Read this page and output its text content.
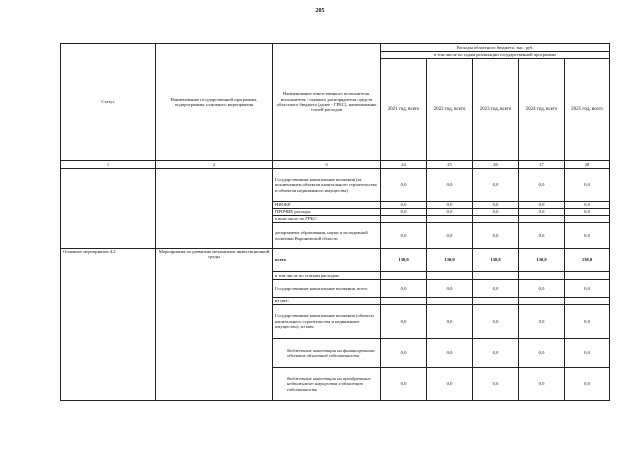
205
Статус	Наименование государственной программы, подпрограммы, основного мероприятия	Наименование ответственного исполнителя, исполнителя - главного распорядителя средств областного бюджета (далее - ГРБС), наименование статей расходов	Расходы областного бюджета, тыс. руб.				
			в том числе по годам реализации государственной программы				
			2021 год, всего	2022 год, всего	2023 год, всего	2024 год, всего	2025 год, всего
1	2	3	24	25	26	27	28
		Государственные капитальные вложения (за исключением объектов капитального строительства и объектов недвижимого имущества)	0,0	0,0	0,0	0,0	0,0
		НИОКР	0,0	0,0	0,0	0,0	0,0
		ПРОЧИЕ расходы	0,0	0,0	0,0	0,0	0,0
		в том числе по ГРБС:					
		департамент образования, науки и молодежной политики Воронежской области	0,0	0,0	0,0	0,0	0,0
Основное мероприятие 4.2	Мероприятия по развитию механизмов инвестиционной среды	всего	130,0	130,0	130,0	130,0	130,0
		в том числе по статьям расходов:					
		Государственные капитальные вложения, всего	0,0	0,0	0,0	0,0	0,0
		из них:					
		Государственные капитальные вложения (объекты капитального строительства и недвижимое имущество), из них:	0,0	0,0	0,0	0,0	0,0
		бюджетные инвестиции на финансирование объектов областной собственности	0,0	0,0	0,0	0,0	0,0
		бюджетные инвестиции на приобретение недвижимого имущества в областную собственность	0,0	0,0	0,0	0,0	0,0
